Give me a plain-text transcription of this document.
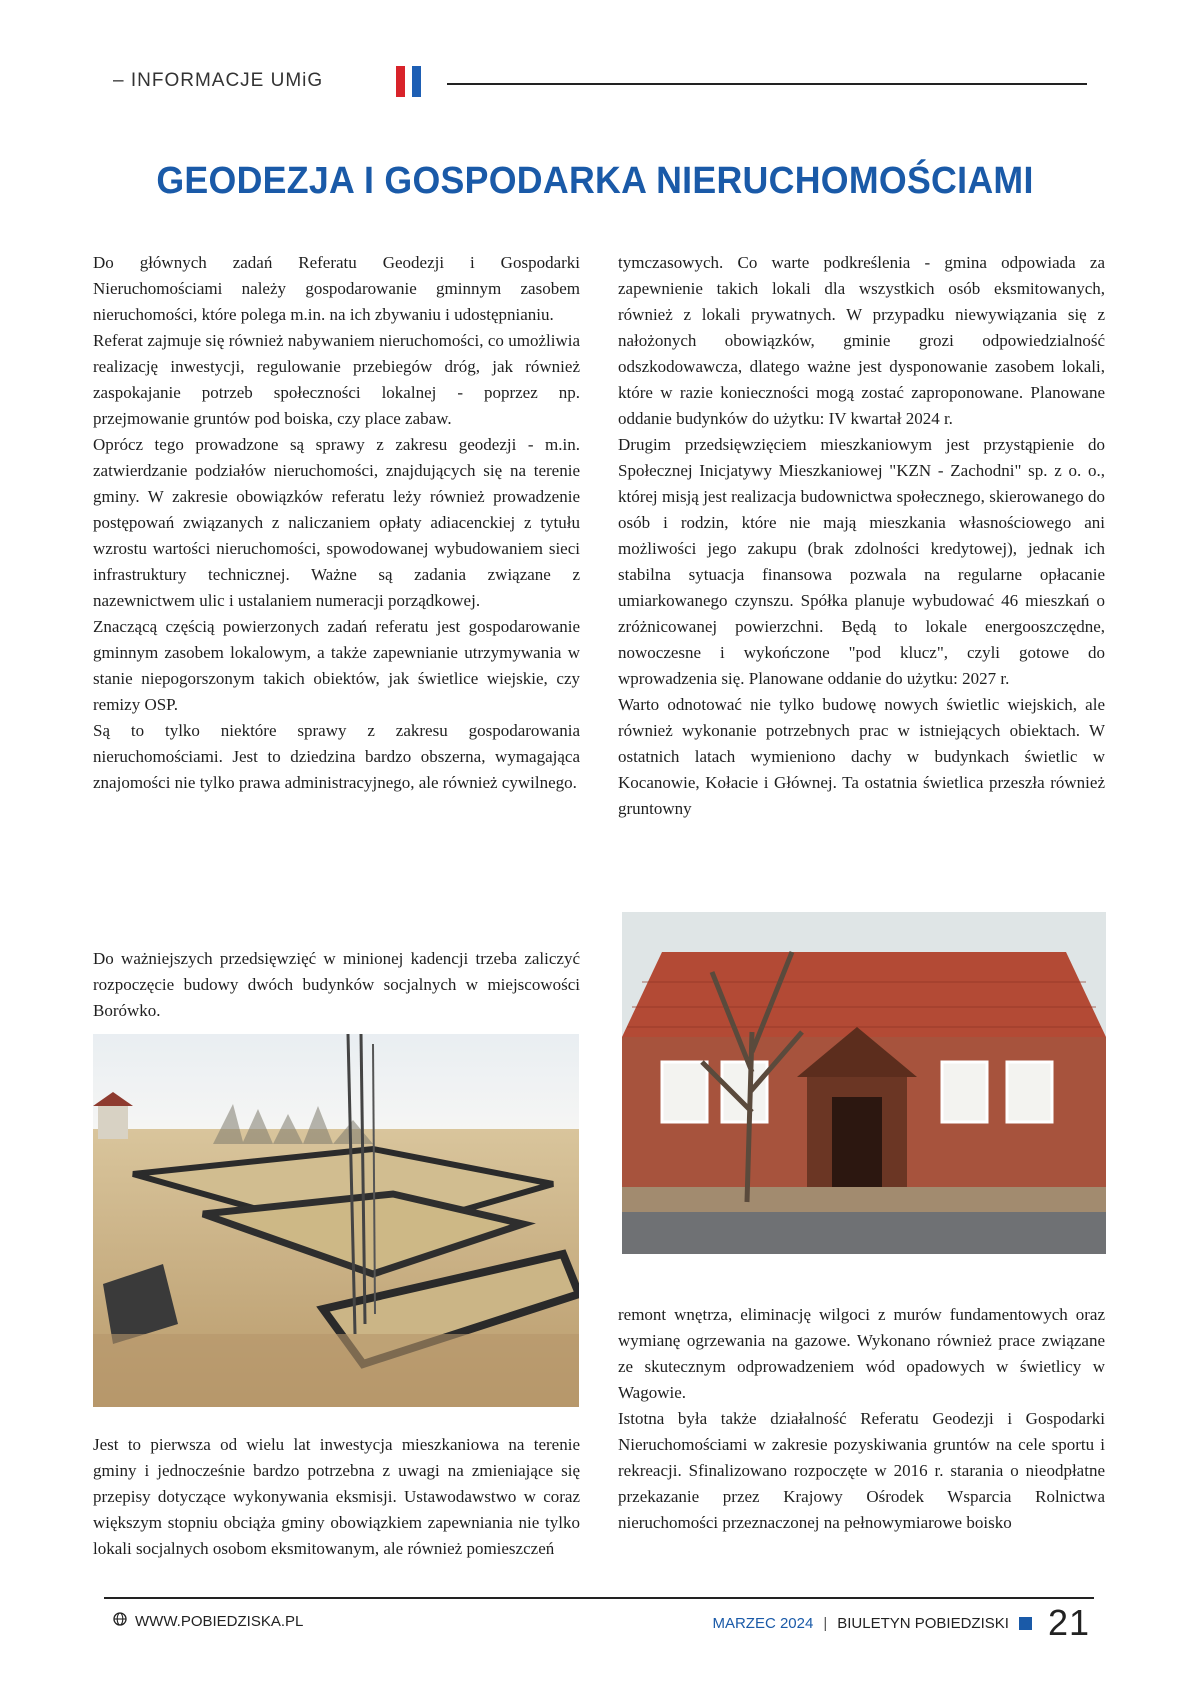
– INFORMACJE UMiG
GEODEZJA I GOSPODARKA NIERUCHOMOŚCIAMI

Do głównych zadań Referatu Geodezji i Gospodarki Nieruchomościami należy gospodarowanie gminnym zasobem nieruchomości, które polega m.in. na ich zbywaniu i udostępnianiu.

Referat zajmuje się również nabywaniem nieruchomości, co umożliwia realizację inwestycji, regulowanie przebiegów dróg, jak również zaspokajanie potrzeb społeczności lokalnej - poprzez np. przejmowanie gruntów pod boiska, czy place zabaw.

Oprócz tego prowadzone są sprawy z zakresu geodezji - m.in. zatwierdzanie podziałów nieruchomości, znajdujących się na terenie gminy. W zakresie obowiązków referatu leży również prowadzenie postępowań związanych z naliczaniem opłaty adiacenckiej z tytułu wzrostu wartości nieruchomości, spowodowanej wybudowaniem sieci infrastruktury technicznej. Ważne są zadania związane z nazewnictwem ulic i ustalaniem numeracji porządkowej.

Znaczącą częścią powierzonych zadań referatu jest gospodarowanie gminnym zasobem lokalowym, a także zapewnianie utrzymywania w stanie niepogorszonym takich obiektów, jak świetlice wiejskie, czy remizy OSP.

Są to tylko niektóre sprawy z zakresu gospodarowania nieruchomościami. Jest to dziedzina bardzo obszerna, wymagająca znajomości nie tylko prawa administracyjnego, ale również cywilnego.

Do ważniejszych przedsięwzięć w minionej kadencji trzeba zaliczyć rozpoczęcie budowy dwóch budynków socjalnych w miejscowości Borówko.

Jest to pierwsza od wielu lat inwestycja mieszkaniowa na terenie gminy i jednocześnie bardzo potrzebna z uwagi na zmieniające się przepisy dotyczące wykonywania eksmisji. Ustawodawstwo w coraz większym stopniu obciąża gminy obowiązkiem zapewniania nie tylko lokali socjalnych osobom eksmitowanym, ale również pomieszczeń

tymczasowych. Co warte podkreślenia - gmina odpowiada za zapewnienie takich lokali dla wszystkich osób eksmitowanych, również z lokali prywatnych. W przypadku niewywiązania się z nałożonych obowiązków, gminie grozi odpowiedzialność odszkodowawcza, dlatego ważne jest dysponowanie zasobem lokali, które w razie konieczności mogą zostać zaproponowane. Planowane oddanie budynków do użytku: IV kwartał 2024 r.

Drugim przedsięwzięciem mieszkaniowym jest przystąpienie do Społecznej Inicjatywy Mieszkaniowej "KZN - Zachodni" sp. z o. o., której misją jest realizacja budownictwa społecznego, skierowanego do osób i rodzin, które nie mają mieszkania własnościowego ani możliwości jego zakupu (brak zdolności kredytowej), jednak ich stabilna sytuacja finansowa pozwala na regularne opłacanie umiarkowanego czynszu. Spółka planuje wybudować 46 mieszkań o zróżnicowanej powierzchni. Będą to lokale energooszczędne, nowoczesne i wykończone "pod klucz", czyli gotowe do wprowadzenia się. Planowane oddanie do użytku: 2027 r.

Warto odnotować nie tylko budowę nowych świetlic wiejskich, ale również wykonanie potrzebnych prac w istniejących obiektach. W ostatnich latach wymieniono dachy w budynkach świetlic w Kocanowie, Kołacie i Głównej. Ta ostatnia świetlica przeszła również gruntowny

remont wnętrza, eliminację wilgoci z murów fundamentowych oraz wymianę ogrzewania na gazowe. Wykonano również prace związane ze skutecznym odprowadzeniem wód opadowych w świetlicy w Wagowie.

Istotna była także działalność Referatu Geodezji i Gospodarki Nieruchomościami w zakresie pozyskiwania gruntów na cele sportu i rekreacji. Sfinalizowano rozpoczęte w 2016 r. starania o nieodpłatne przekazanie przez Krajowy Ośrodek Wsparcia Rolnictwa nieruchomości przeznaczonej na pełnowymiarowe boisko

WWW.POBIEDZISKA.PL	MARZEC 2024 | BIULETYN POBIEDZISKI 21
